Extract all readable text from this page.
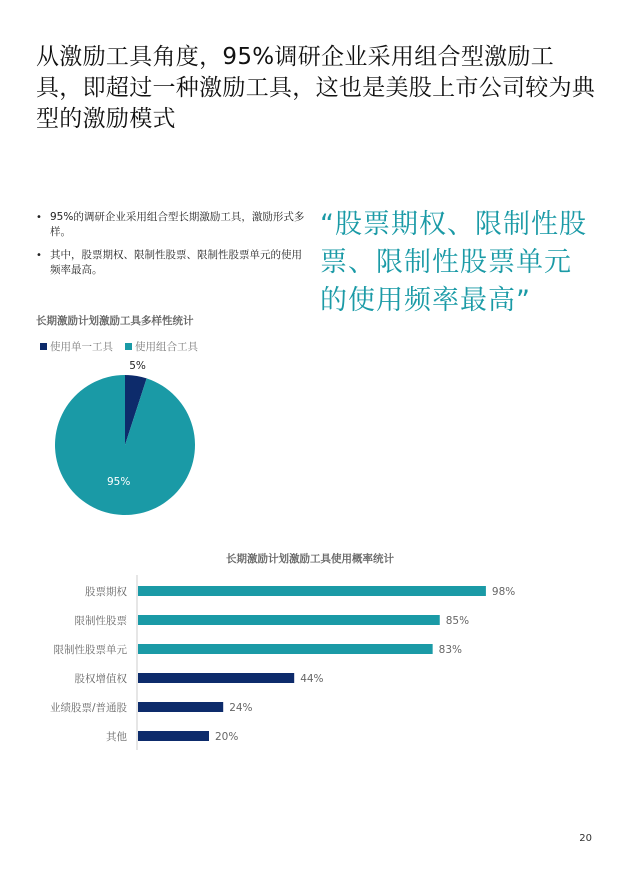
从激励工具角度，95%调研企业采用组合型激励工具，即超过一种激励工具，这也是美股上市公司较为典型的激励模式
• 95%的调研企业采用组合型长期激励工具，激励形式多样。
• 其中，股票期权、限制性股票、限制性股票单元的使用频率最高。
“股票期权、限制性股票、限制性股票单元的使用频率最高”
长期激励计划激励工具多样性统计
使用单一工具 使用组合工具
5%
95%
长期激励计划激励工具使用概率统计
股票期权	98%
限制性股票	85%
限制性股票单元	83%
股权增值权	44%
业绩股票/普通股	24%
其他	20%
20
